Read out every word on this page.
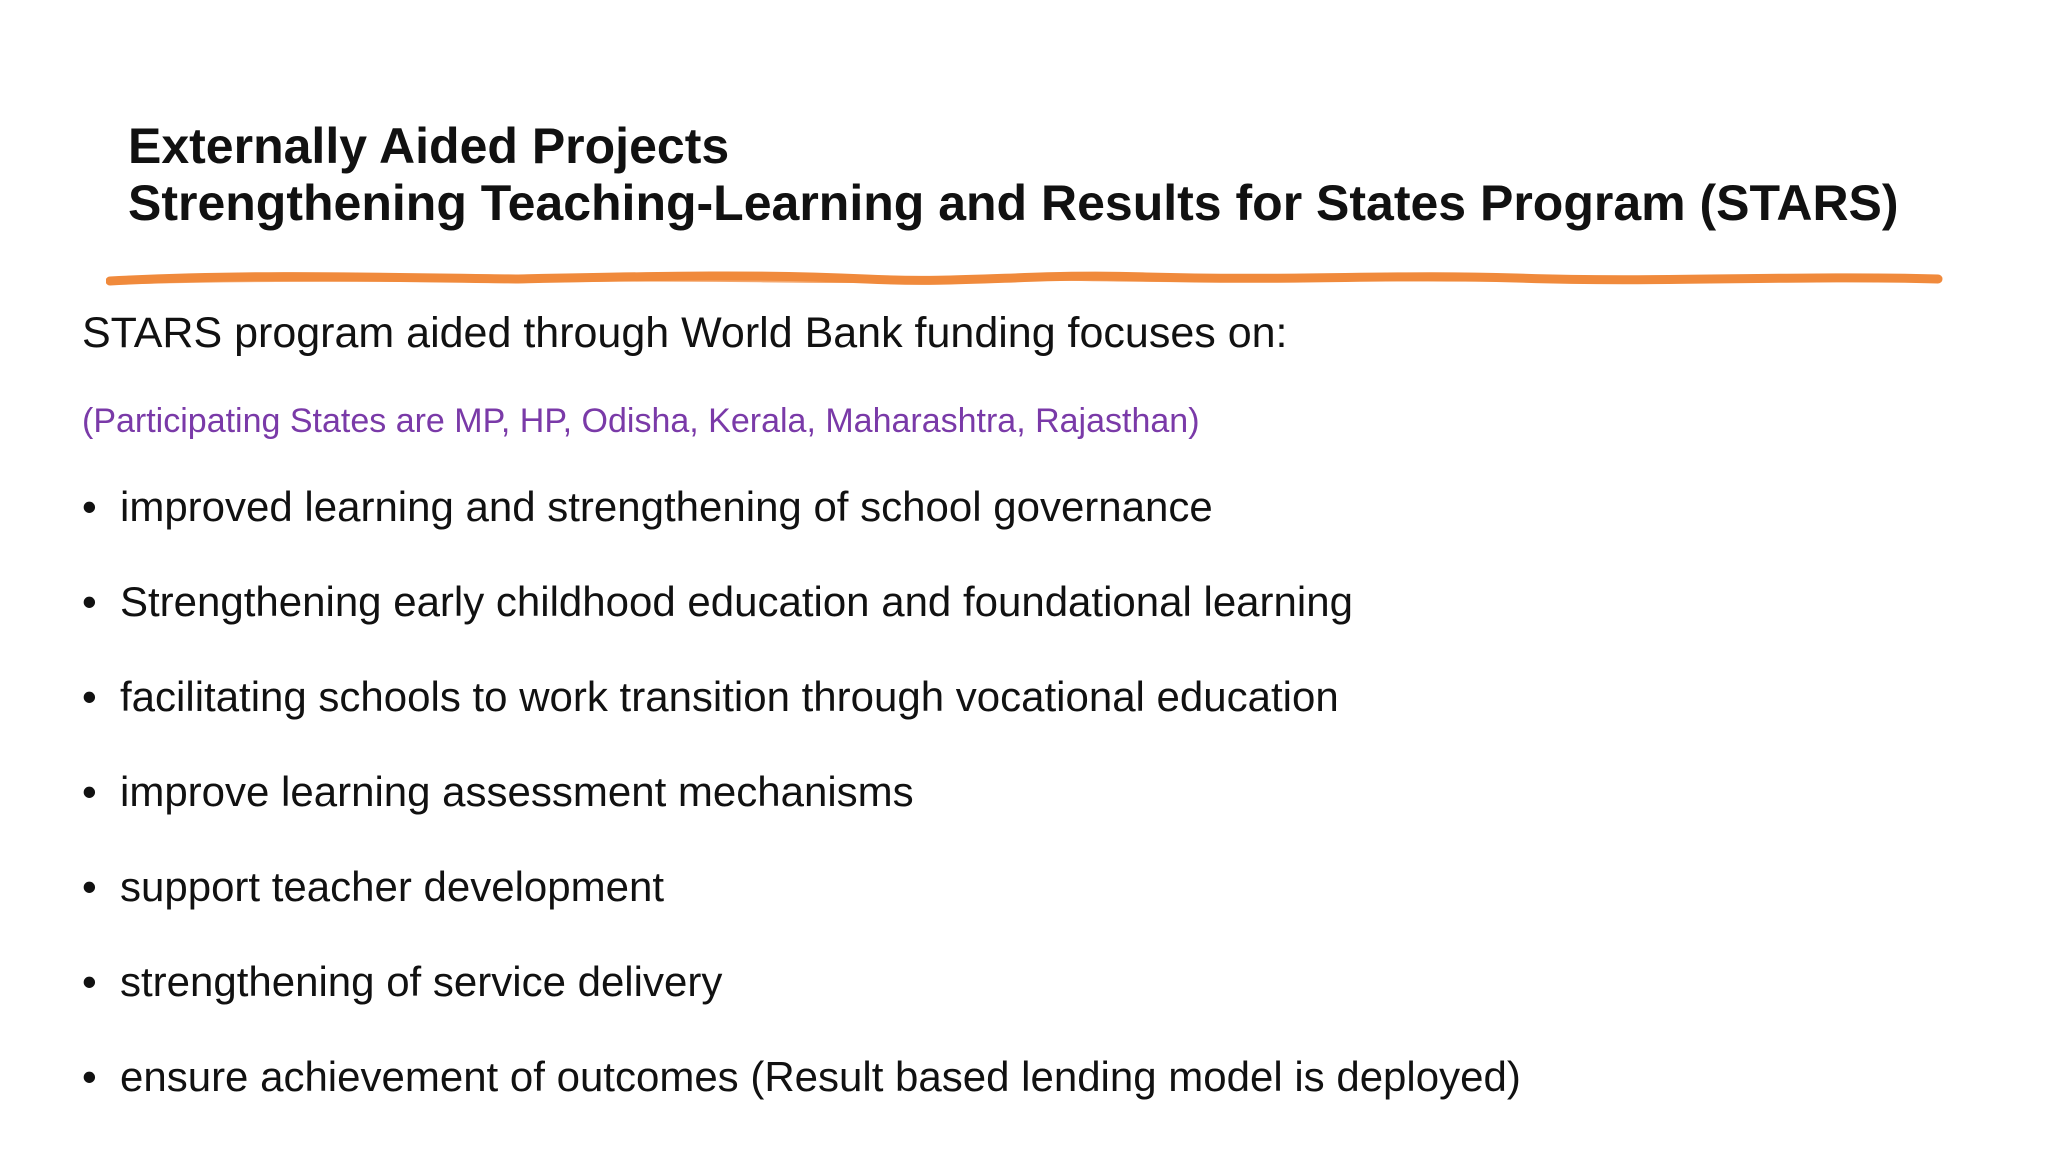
Externally Aided Projects
Strengthening Teaching-Learning and Results for States Program (STARS)
STARS program aided through World Bank funding focuses on:
(Participating States are MP, HP, Odisha, Kerala, Maharashtra, Rajasthan)
• improved learning and strengthening of school governance
• Strengthening early childhood education and foundational learning
• facilitating schools to work transition through vocational education
• improve learning assessment mechanisms
• support teacher development
• strengthening of service delivery
• ensure achievement of outcomes (Result based lending model is deployed)
